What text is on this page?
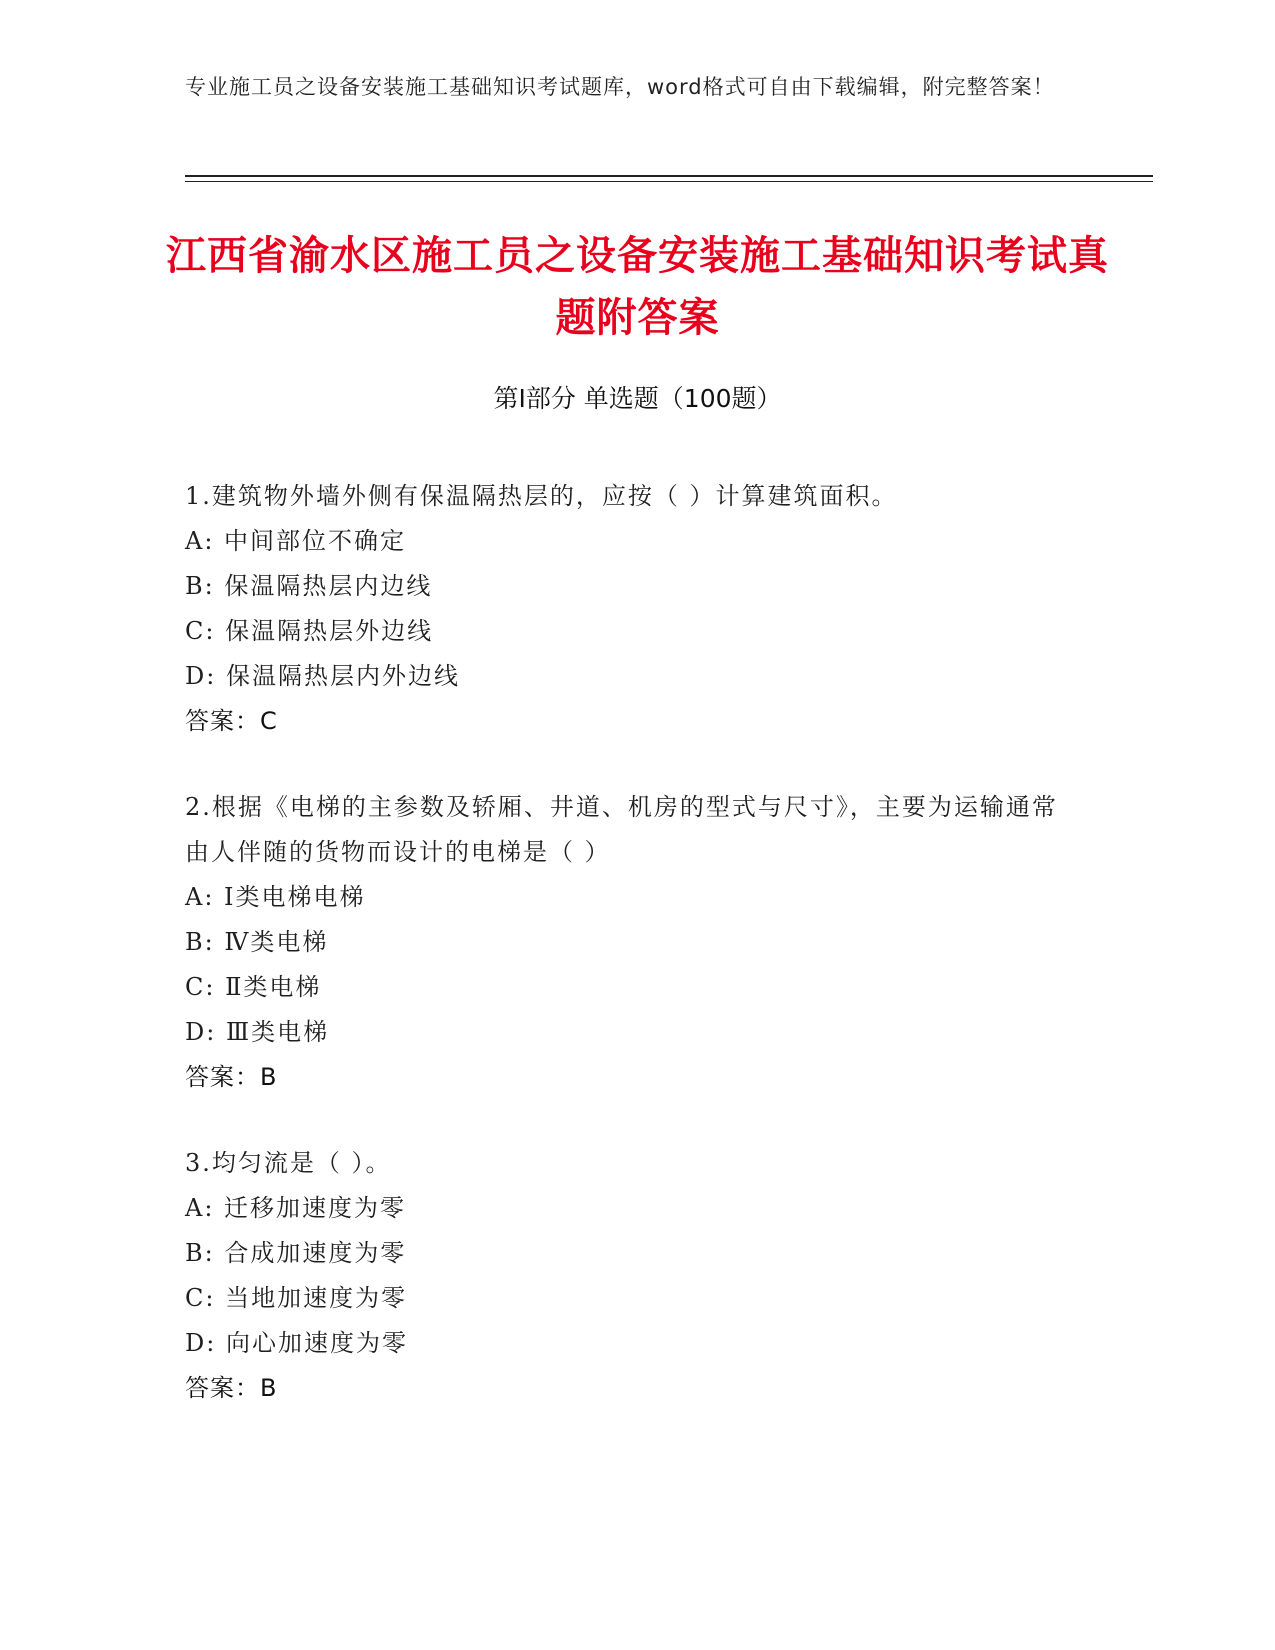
专业施工员之设备安装施工基础知识考试题库，word格式可自由下载编辑，附完整答案！
江西省渝水区施工员之设备安装施工基础知识考试真题附答案
第I部分 单选题（100题）

1.建筑物外墙外侧有保温隔热层的，应按（ ）计算建筑面积。

A: 中间部位不确定

B: 保温隔热层内边线

C: 保温隔热层外边线

D: 保温隔热层内外边线

答案：C

2.根据《电梯的主参数及轿厢、井道、机房的型式与尺寸》，主要为运输通常由人伴随的货物而设计的电梯是（ ）

A: Ⅰ类电梯电梯

B: Ⅳ类电梯

C: Ⅱ类电梯

D: Ⅲ类电梯

答案：B

3.均匀流是（ ）。

A: 迁移加速度为零

B: 合成加速度为零

C: 当地加速度为零

D: 向心加速度为零

答案：B
